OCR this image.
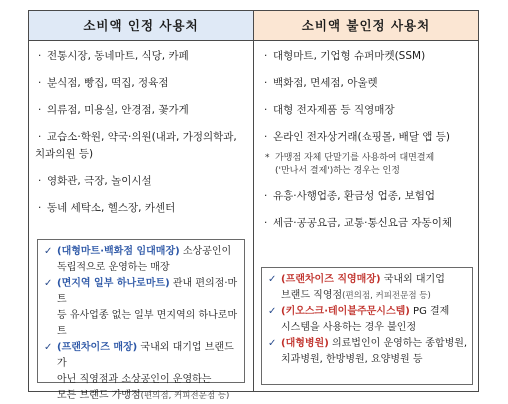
소비액 인정 사용처	소비액 불인정 사용처
· 전통시장, 동네마트, 식당, 카페
· 분식점, 빵집, 떡집, 정육점
· 의류점, 미용실, 안경점, 꽃가게
· 교습소·학원, 약국·의원(내과, 가정의학과,
치과의원 등)
· 영화관, 극장, 놀이시설
· 동네 세탁소, 헬스장, 카센터
✓ (대형마트·백화점 임대매장) 소상공인이
독립적으로 운영하는 매장
✓ (면지역 일부 하나로마트) 관내 편의점·마트
등 유사업종 없는 일부 면지역의 하나로마트
✓ (프랜차이즈 매장) 국내외 대기업 브랜드가
아닌 직영점과 소상공인이 운영하는
모든 브랜드 가맹점(편의점, 커피전문점 등)
· 대형마트, 기업형 슈퍼마켓(SSM)
· 백화점, 면세점, 아울렛
· 대형 전자제품 등 직영매장
· 온라인 전자상거래(쇼핑몰, 배달 앱 등)
* 가맹점 자체 단말기를 사용하여 대면결제
('만나서 결제')하는 경우는 인정
· 유흥·사행업종, 환금성 업종, 보험업
· 세금·공공요금, 교통·통신요금 자동이체
✓ (프랜차이즈 직영매장) 국내외 대기업
브랜드 직영점(편의점, 커피전문점 등)
✓ (키오스크·테이블주문시스템) PG 결제
시스템을 사용하는 경우 불인정
✓ (대형병원) 의료법인이 운영하는 종합병원,
치과병원, 한방병원, 요양병원 등
